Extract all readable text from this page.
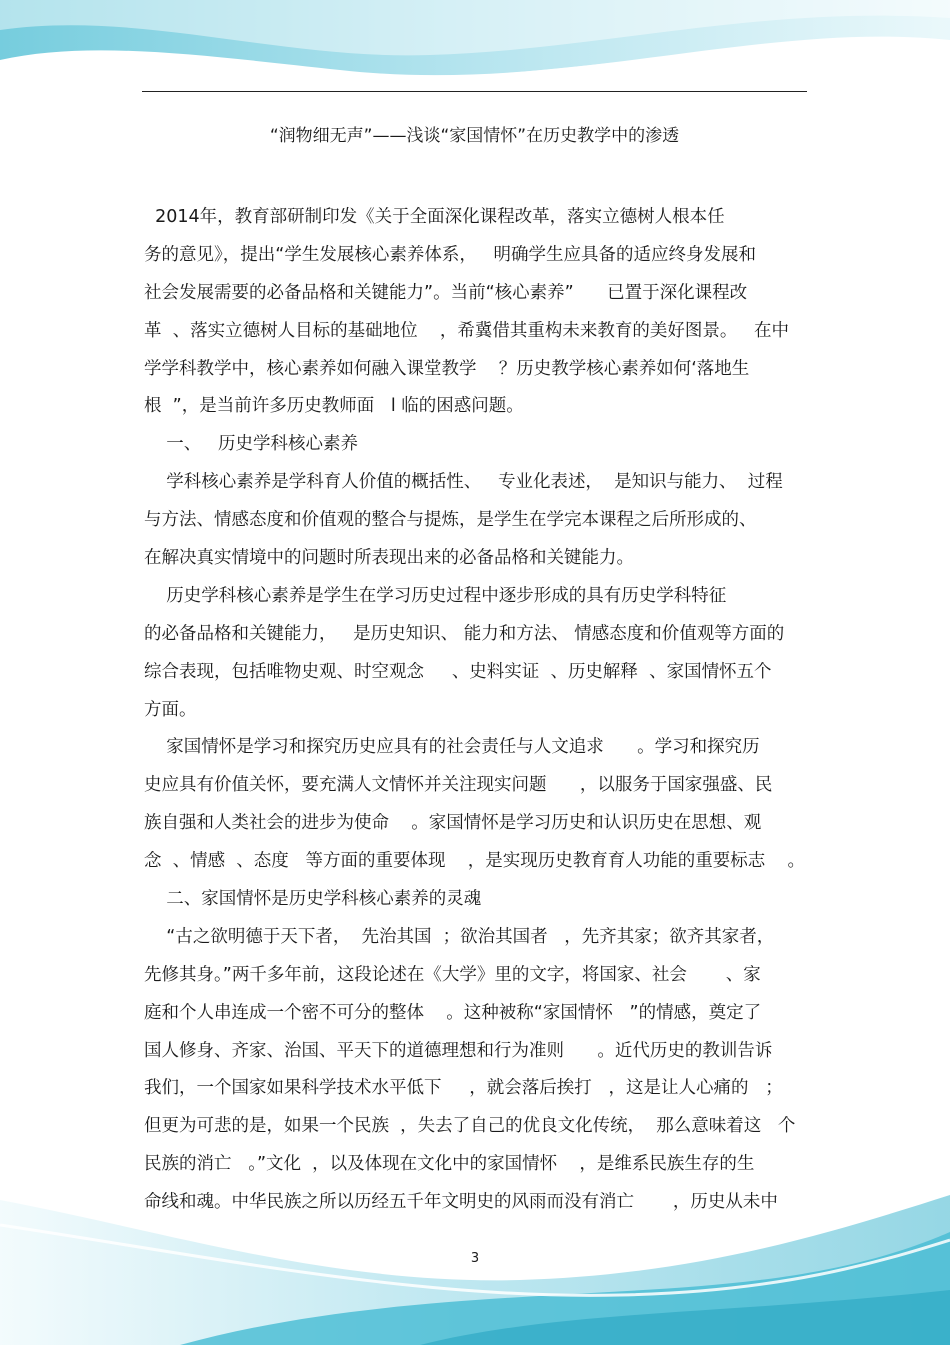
“润物细无声”——浅谈“家国情怀”在历史教学中的渗透
2014年，教育部研制印发《关于全面深化课程改革，落实立德树人根本任
务的意见》，提出“学生发展核心素养体系，   明确学生应具备的适应终身发展和
社会发展需要的必备品格和关键能力”。当前“核心素养”      已置于深化课程改
革  、落实立德树人目标的基础地位    ，希冀借其重构未来教育的美好图景。   在中
学学科教学中，核心素养如何融入课堂教学    ？历史教学核心素养如何‘落地生
根  ”，是当前许多历史教师面   l 临的困惑问题。
一、   历史学科核心素养
学科核心素养是学科育人价值的概括性、   专业化表述，  是知识与能力、  过程
与方法、情感态度和价值观的整合与提炼，是学生在学完本课程之后所形成的、
在解决真实情境中的问题时所表现出来的必备品格和关键能力。
历史学科核心素养是学生在学习历史过程中逐步形成的具有历史学科特征
的必备品格和关键能力，   是历史知识、 能力和方法、 情感态度和价值观等方面的
综合表现，包括唯物史观、时空观念     、史料实证  、历史解释  、家国情怀五个
方面。
家国情怀是学习和探究历史应具有的社会责任与人文追求      。学习和探究历
史应具有价值关怀，要充满人文情怀并关注现实问题      ，以服务于国家强盛、民
族自强和人类社会的进步为使命    。家国情怀是学习历史和认识历史在思想、观
念  、情感  、态度   等方面的重要体现    ，是实现历史教育育人功能的重要标志    。
二、家国情怀是历史学科核心素养的灵魂
“古之欲明德于天下者，  先治其国  ；欲治其国者   ，先齐其家；欲齐其家者，
先修其身。”两千多年前，这段论述在《大学》里的文字，将国家、社会       、家
庭和个人串连成一个密不可分的整体    。这种被称“家国情怀   ”的情感，奠定了
国人修身、齐家、治国、平天下的道德理想和行为准则      。近代历史的教训告诉
我们，一个国家如果科学技术水平低下     ，就会落后挨打   ，这是让人心痛的   ；
但更为可悲的是，如果一个民族  ，失去了自己的优良文化传统，  那么意味着这   个
民族的消亡   。”文化  ，以及体现在文化中的家国情怀    ，是维系民族生存的生
命线和魂。中华民族之所以历经五千年文明史的风雨而没有消亡       ，历史从未中
3
